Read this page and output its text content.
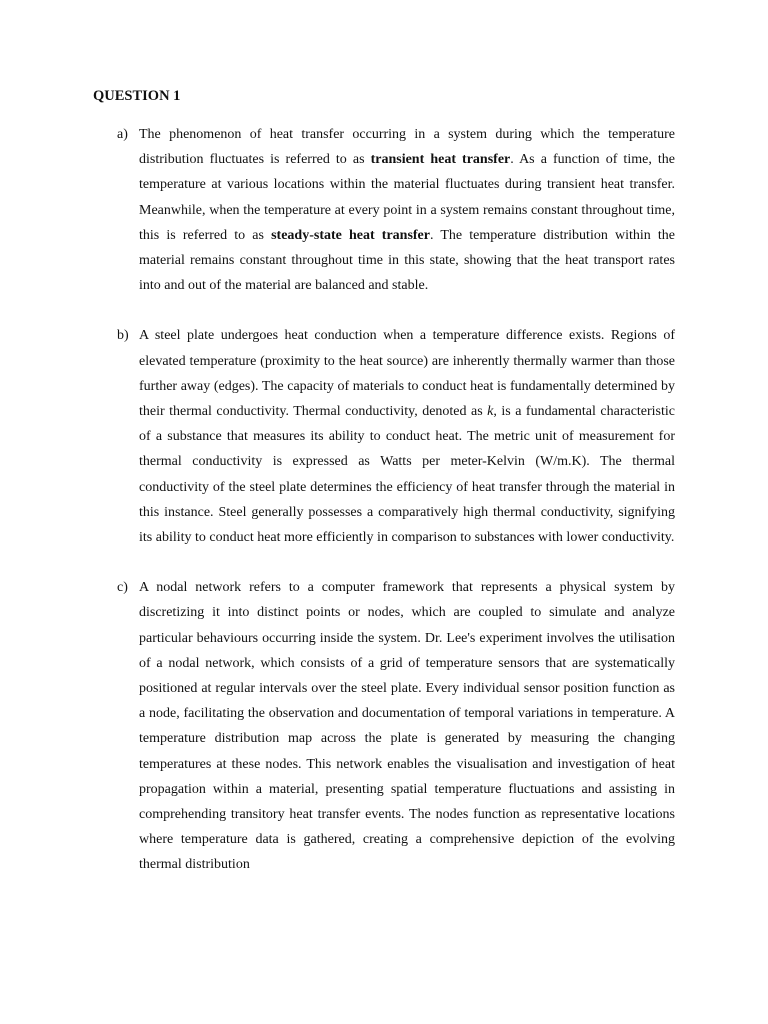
QUESTION 1
a) The phenomenon of heat transfer occurring in a system during which the temperature distribution fluctuates is referred to as transient heat transfer. As a function of time, the temperature at various locations within the material fluctuates during transient heat transfer. Meanwhile, when the temperature at every point in a system remains constant throughout time, this is referred to as steady-state heat transfer. The temperature distribution within the material remains constant throughout time in this state, showing that the heat transport rates into and out of the material are balanced and stable.

b) A steel plate undergoes heat conduction when a temperature difference exists. Regions of elevated temperature (proximity to the heat source) are inherently thermally warmer than those further away (edges). The capacity of materials to conduct heat is fundamentally determined by their thermal conductivity. Thermal conductivity, denoted as k, is a fundamental characteristic of a substance that measures its ability to conduct heat. The metric unit of measurement for thermal conductivity is expressed as Watts per meter-Kelvin (W/m.K). The thermal conductivity of the steel plate determines the efficiency of heat transfer through the material in this instance. Steel generally possesses a comparatively high thermal conductivity, signifying its ability to conduct heat more efficiently in comparison to substances with lower conductivity.

c) A nodal network refers to a computer framework that represents a physical system by discretizing it into distinct points or nodes, which are coupled to simulate and analyze particular behaviours occurring inside the system. Dr. Lee's experiment involves the utilisation of a nodal network, which consists of a grid of temperature sensors that are systematically positioned at regular intervals over the steel plate. Every individual sensor position function as a node, facilitating the observation and documentation of temporal variations in temperature. A temperature distribution map across the plate is generated by measuring the changing temperatures at these nodes. This network enables the visualisation and investigation of heat propagation within a material, presenting spatial temperature fluctuations and assisting in comprehending transitory heat transfer events. The nodes function as representative locations where temperature data is gathered, creating a comprehensive depiction of the evolving thermal distribution
